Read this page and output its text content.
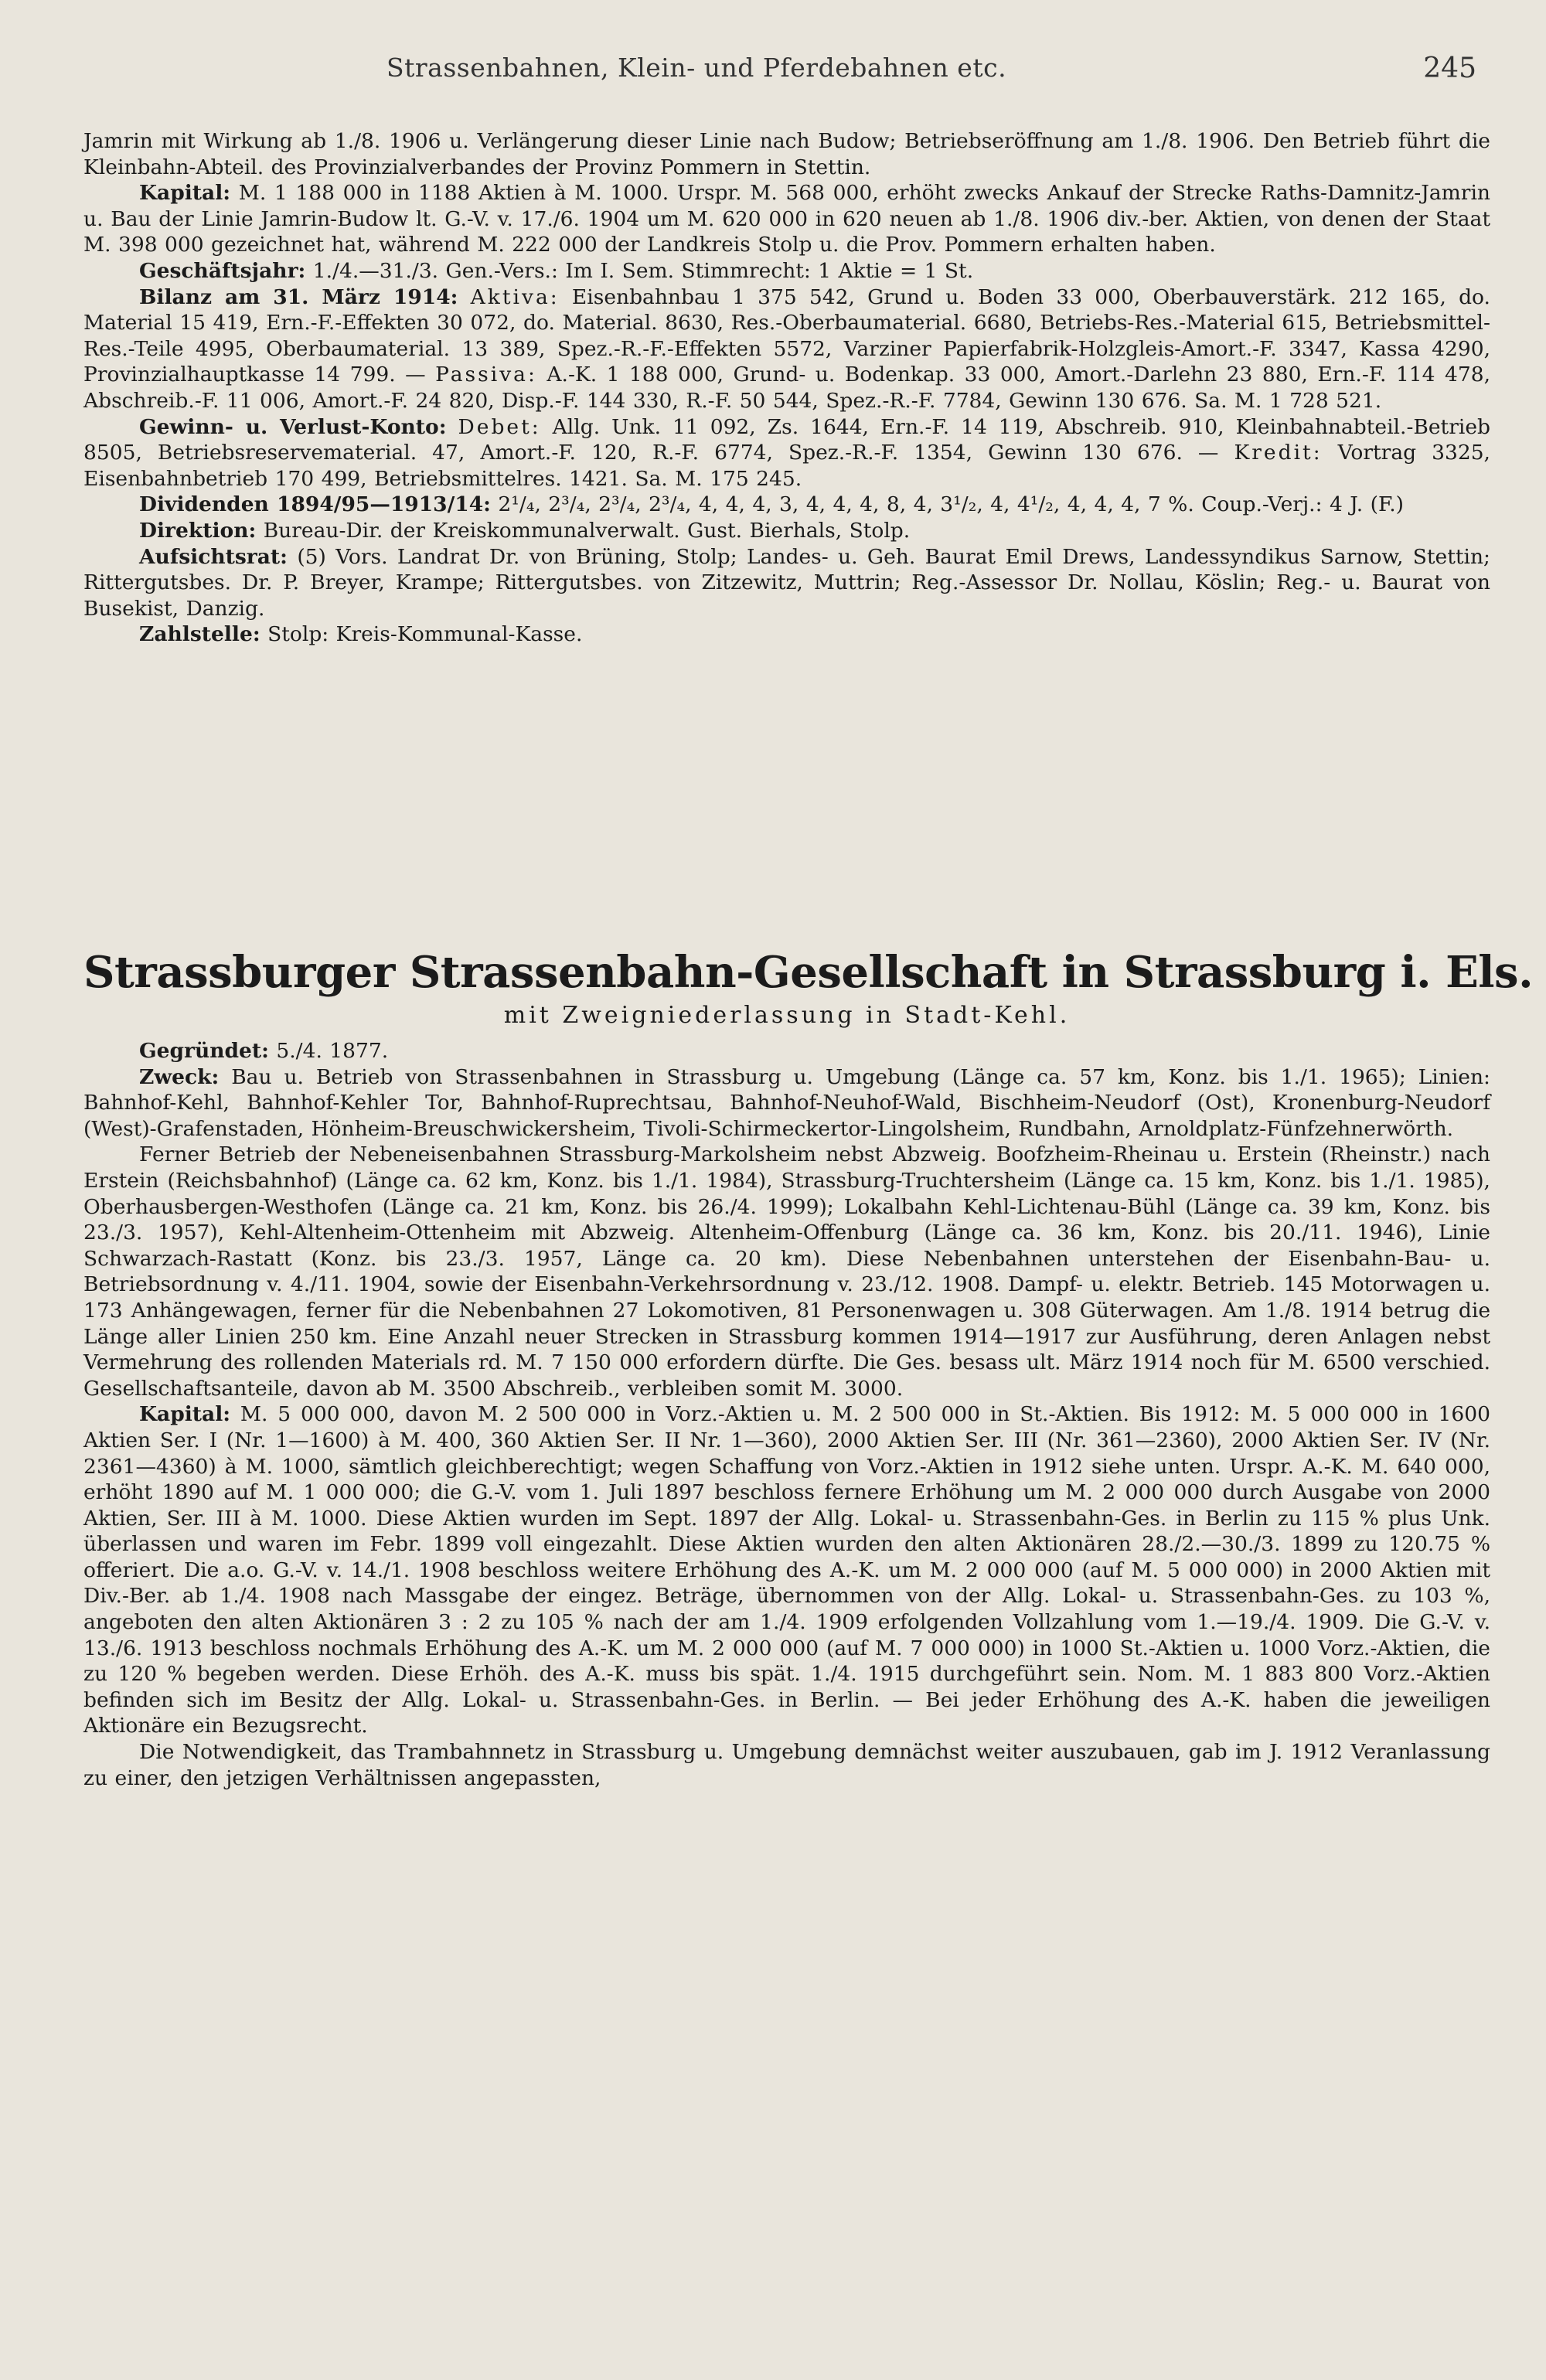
Strassenbahnen, Klein- und Pferdebahnen etc.	245

Jamrin mit Wirkung ab 1./8. 1906 u. Verlängerung dieser Linie nach Budow; Betriebseröffnung am 1./8. 1906. Den Betrieb führt die Kleinbahn-Abteil. des Provinzialverbandes der Provinz Pommern in Stettin.

Kapital: M. 1 188 000 in 1188 Aktien à M. 1000. Urspr. M. 568 000, erhöht zwecks Ankauf der Strecke Raths-Damnitz-Jamrin u. Bau der Linie Jamrin-Budow lt. G.-V. v. 17./6. 1904 um M. 620 000 in 620 neuen ab 1./8. 1906 div.-ber. Aktien, von denen der Staat M. 398 000 gezeichnet hat, während M. 222 000 der Landkreis Stolp u. die Prov. Pommern erhalten haben.

Geschäftsjahr: 1./4.—31./3. Gen.-Vers.: Im I. Sem. Stimmrecht: 1 Aktie = 1 St.

Bilanz am 31. März 1914: Aktiva: Eisenbahnbau 1 375 542, Grund u. Boden 33 000, Oberbauverstärk. 212 165, do. Material 15 419, Ern.-F.-Effekten 30 072, do. Material. 8630, Res.-Oberbaumaterial. 6680, Betriebs-Res.-Material 615, Betriebsmittel-Res.-Teile 4995, Oberbaumaterial. 13 389, Spez.-R.-F.-Effekten 5572, Varziner Papierfabrik-Holzgleis-Amort.-F. 3347, Kassa 4290, Provinzialhauptkasse 14 799. — Passiva: A.-K. 1 188 000, Grund- u. Bodenkap. 33 000, Amort.-Darlehn 23 880, Ern.-F. 114 478, Abschreib.-F. 11 006, Amort.-F. 24 820, Disp.-F. 144 330, R.-F. 50 544, Spez.-R.-F. 7784, Gewinn 130 676. Sa. M. 1 728 521.

Gewinn- u. Verlust-Konto: Debet: Allg. Unk. 11 092, Zs. 1644, Ern.-F. 14 119, Abschreib. 910, Kleinbahnabteil.-Betrieb 8505, Betriebsreservematerial. 47, Amort.-F. 120, R.-F. 6774, Spez.-R.-F. 1354, Gewinn 130 676. — Kredit: Vortrag 3325, Eisenbahnbetrieb 170 499, Betriebsmittelres. 1421. Sa. M. 175 245.

Dividenden 1894/95—1913/14: 2¹/₄, 2³/₄, 2³/₄, 2³/₄, 4, 4, 4, 3, 4, 4, 4, 8, 4, 3¹/₂, 4, 4¹/₂, 4, 4, 4, 7 %. Coup.-Verj.: 4 J. (F.)

Direktion: Bureau-Dir. der Kreiskommunalverwalt. Gust. Bierhals, Stolp.

Aufsichtsrat: (5) Vors. Landrat Dr. von Brüning, Stolp; Landes- u. Geh. Baurat Emil Drews, Landessyndikus Sarnow, Stettin; Rittergutsbes. Dr. P. Breyer, Krampe; Rittergutsbes. von Zitzewitz, Muttrin; Reg.-Assessor Dr. Nollau, Köslin; Reg.- u. Baurat von Busekist, Danzig.

Zahlstelle: Stolp: Kreis-Kommunal-Kasse.

Strassburger Strassenbahn-Gesellschaft in Strassburg i. Els.
mit Zweigniederlassung in Stadt-Kehl.

Gegründet: 5./4. 1877.

Zweck: Bau u. Betrieb von Strassenbahnen in Strassburg u. Umgebung (Länge ca. 57 km, Konz. bis 1./1. 1965); Linien: Bahnhof-Kehl, Bahnhof-Kehler Tor, Bahnhof-Ruprechtsau, Bahnhof-Neuhof-Wald, Bischheim-Neudorf (Ost), Kronenburg-Neudorf (West)-Grafenstaden, Hönheim-Breuschwickersheim, Tivoli-Schirmeckertor-Lingolsheim, Rundbahn, Arnoldplatz-Fünfzehnerwörth.

Ferner Betrieb der Nebeneisenbahnen Strassburg-Markolsheim nebst Abzweig. Boofzheim-Rheinau u. Erstein (Rheinstr.) nach Erstein (Reichsbahnhof) (Länge ca. 62 km, Konz. bis 1./1. 1984), Strassburg-Truchtersheim (Länge ca. 15 km, Konz. bis 1./1. 1985), Oberhausbergen-Westhofen (Länge ca. 21 km, Konz. bis 26./4. 1999); Lokalbahn Kehl-Lichtenau-Bühl (Länge ca. 39 km, Konz. bis 23./3. 1957), Kehl-Altenheim-Ottenheim mit Abzweig. Altenheim-Offenburg (Länge ca. 36 km, Konz. bis 20./11. 1946), Linie Schwarzach-Rastatt (Konz. bis 23./3. 1957, Länge ca. 20 km). Diese Nebenbahnen unterstehen der Eisenbahn-Bau- u. Betriebsordnung v. 4./11. 1904, sowie der Eisenbahn-Verkehrsordnung v. 23./12. 1908. Dampf- u. elektr. Betrieb. 145 Motorwagen u. 173 Anhängewagen, ferner für die Nebenbahnen 27 Lokomotiven, 81 Personenwagen u. 308 Güterwagen. Am 1./8. 1914 betrug die Länge aller Linien 250 km. Eine Anzahl neuer Strecken in Strassburg kommen 1914—1917 zur Ausführung, deren Anlagen nebst Vermehrung des rollenden Materials rd. M. 7 150 000 erfordern dürfte. Die Ges. besass ult. März 1914 noch für M. 6500 verschied. Gesellschaftsanteile, davon ab M. 3500 Abschreib., verbleiben somit M. 3000.

Kapital: M. 5 000 000, davon M. 2 500 000 in Vorz.-Aktien u. M. 2 500 000 in St.-Aktien. Bis 1912: M. 5 000 000 in 1600 Aktien Ser. I (Nr. 1—1600) à M. 400, 360 Aktien Ser. II Nr. 1—360), 2000 Aktien Ser. III (Nr. 361—2360), 2000 Aktien Ser. IV (Nr. 2361—4360) à M. 1000, sämtlich gleichberechtigt; wegen Schaffung von Vorz.-Aktien in 1912 siehe unten. Urspr. A.-K. M. 640 000, erhöht 1890 auf M. 1 000 000; die G.-V. vom 1. Juli 1897 beschloss fernere Erhöhung um M. 2 000 000 durch Ausgabe von 2000 Aktien, Ser. III à M. 1000. Diese Aktien wurden im Sept. 1897 der Allg. Lokal- u. Strassenbahn-Ges. in Berlin zu 115 % plus Unk. überlassen und waren im Febr. 1899 voll eingezahlt. Diese Aktien wurden den alten Aktionären 28./2.—30./3. 1899 zu 120.75 % offeriert. Die a.o. G.-V. v. 14./1. 1908 beschloss weitere Erhöhung des A.-K. um M. 2 000 000 (auf M. 5 000 000) in 2000 Aktien mit Div.-Ber. ab 1./4. 1908 nach Massgabe der eingez. Beträge, übernommen von der Allg. Lokal- u. Strassenbahn-Ges. zu 103 %, angeboten den alten Aktionären 3 : 2 zu 105 % nach der am 1./4. 1909 erfolgenden Vollzahlung vom 1.—19./4. 1909. Die G.-V. v. 13./6. 1913 beschloss nochmals Erhöhung des A.-K. um M. 2 000 000 (auf M. 7 000 000) in 1000 St.-Aktien u. 1000 Vorz.-Aktien, die zu 120 % begeben werden. Diese Erhöh. des A.-K. muss bis spät. 1./4. 1915 durchgeführt sein. Nom. M. 1 883 800 Vorz.-Aktien befinden sich im Besitz der Allg. Lokal- u. Strassenbahn-Ges. in Berlin. — Bei jeder Erhöhung des A.-K. haben die jeweiligen Aktionäre ein Bezugsrecht.

Die Notwendigkeit, das Trambahnnetz in Strassburg u. Umgebung demnächst weiter auszubauen, gab im J. 1912 Veranlassung zu einer, den jetzigen Verhältnissen angepassten,
